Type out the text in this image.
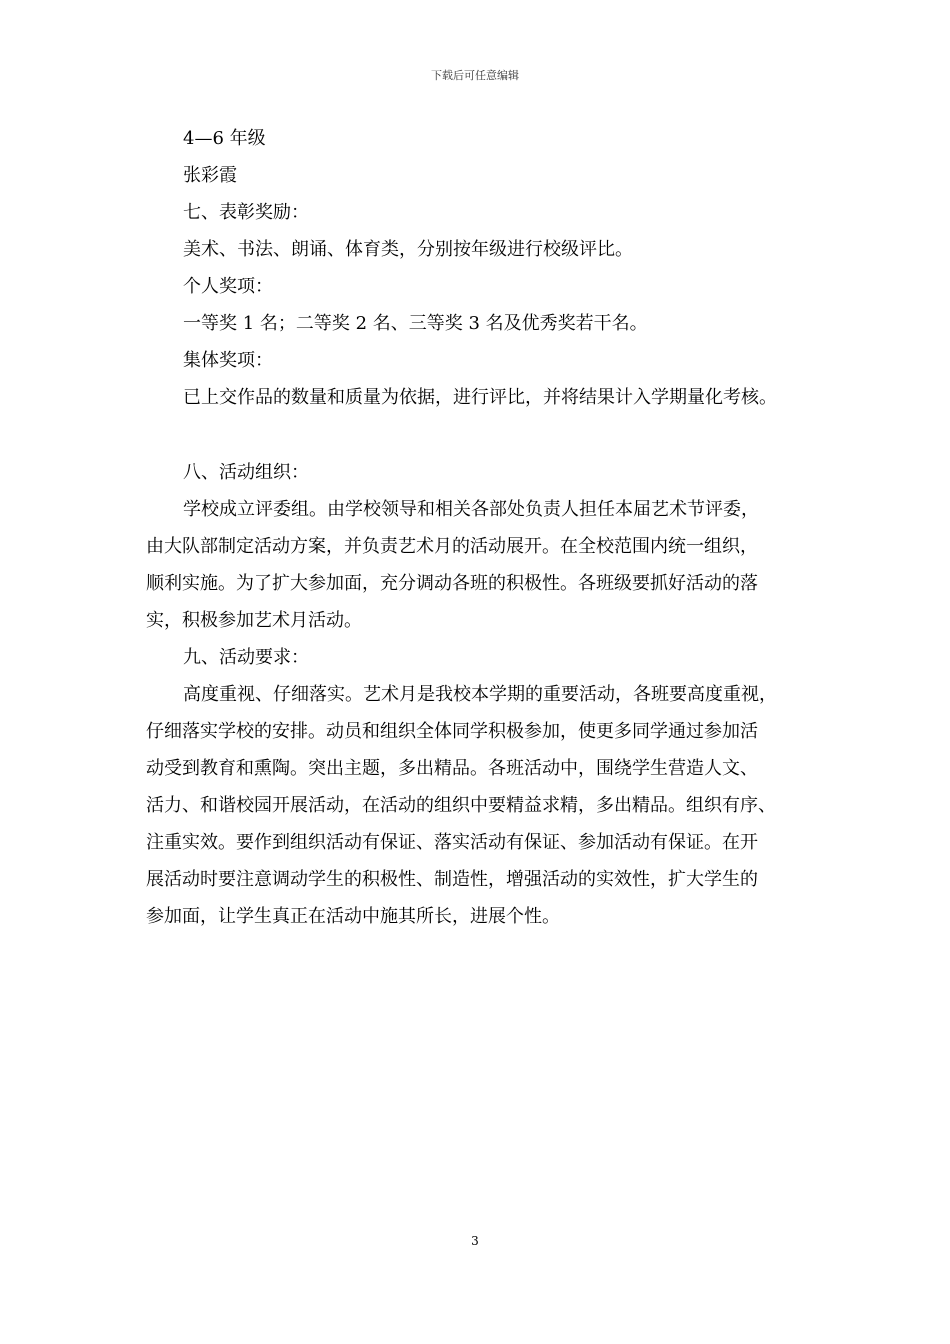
下载后可任意编辑
4—6 年级
张彩霞
七、表彰奖励：
美术、书法、朗诵、体育类，分别按年级进行校级评比。
个人奖项：
一等奖 1 名；二等奖 2 名、三等奖 3 名及优秀奖若干名。
集体奖项：
已上交作品的数量和质量为依据，进行评比，并将结果计入学期量化考核。
八、活动组织：
学校成立评委组。由学校领导和相关各部处负责人担任本届艺术节评委，
由大队部制定活动方案，并负责艺术月的活动展开。在全校范围内统一组织，
顺利实施。为了扩大参加面，充分调动各班的积极性。各班级要抓好活动的落
实，积极参加艺术月活动。
九、活动要求：
高度重视、仔细落实。艺术月是我校本学期的重要活动，各班要高度重视，
仔细落实学校的安排。动员和组织全体同学积极参加，使更多同学通过参加活
动受到教育和熏陶。突出主题，多出精品。各班活动中，围绕学生营造人文、
活力、和谐校园开展活动，在活动的组织中要精益求精，多出精品。组织有序、
注重实效。要作到组织活动有保证、落实活动有保证、参加活动有保证。在开
展活动时要注意调动学生的积极性、制造性，增强活动的实效性，扩大学生的
参加面，让学生真正在活动中施其所长，进展个性。
3
